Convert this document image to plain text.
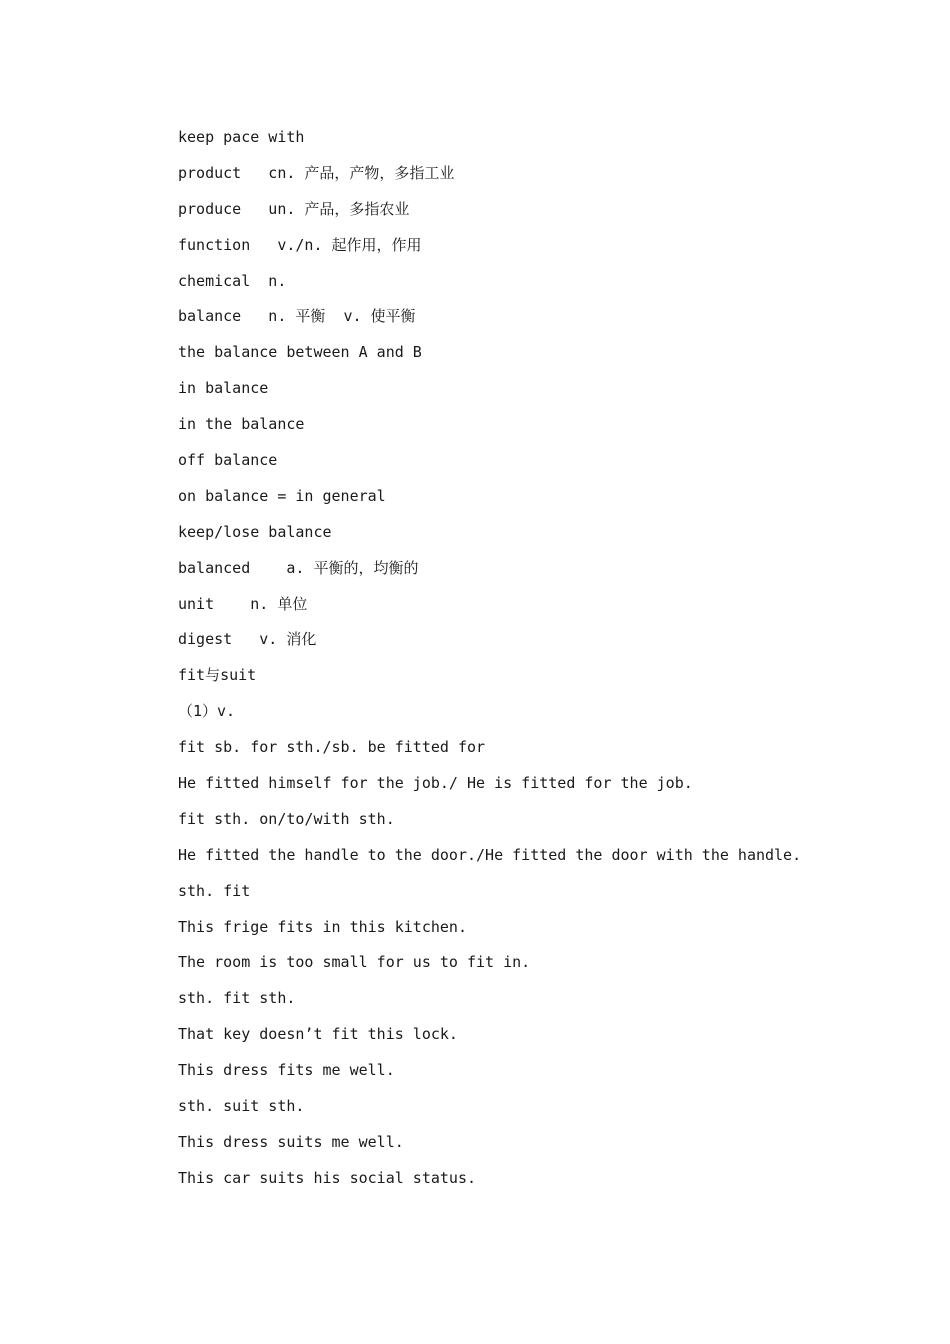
keep pace with
product   cn. 产品，产物，多指工业
produce   un. 产品，多指农业
function   v./n. 起作用，作用
chemical  n.
balance   n. 平衡  v. 使平衡
the balance between A and B
in balance
in the balance
off balance
on balance = in general
keep/lose balance
balanced    a. 平衡的，均衡的
unit    n. 单位
digest   v. 消化
fit与suit
（1）v.
fit sb. for sth./sb. be fitted for
He fitted himself for the job./ He is fitted for the job.
fit sth. on/to/with sth.
He fitted the handle to the door./He fitted the door with the handle.
sth. fit
This frige fits in this kitchen.
The room is too small for us to fit in.
sth. fit sth.
That key doesn’t fit this lock.
This dress fits me well.
sth. suit sth.
This dress suits me well.
This car suits his social status.
